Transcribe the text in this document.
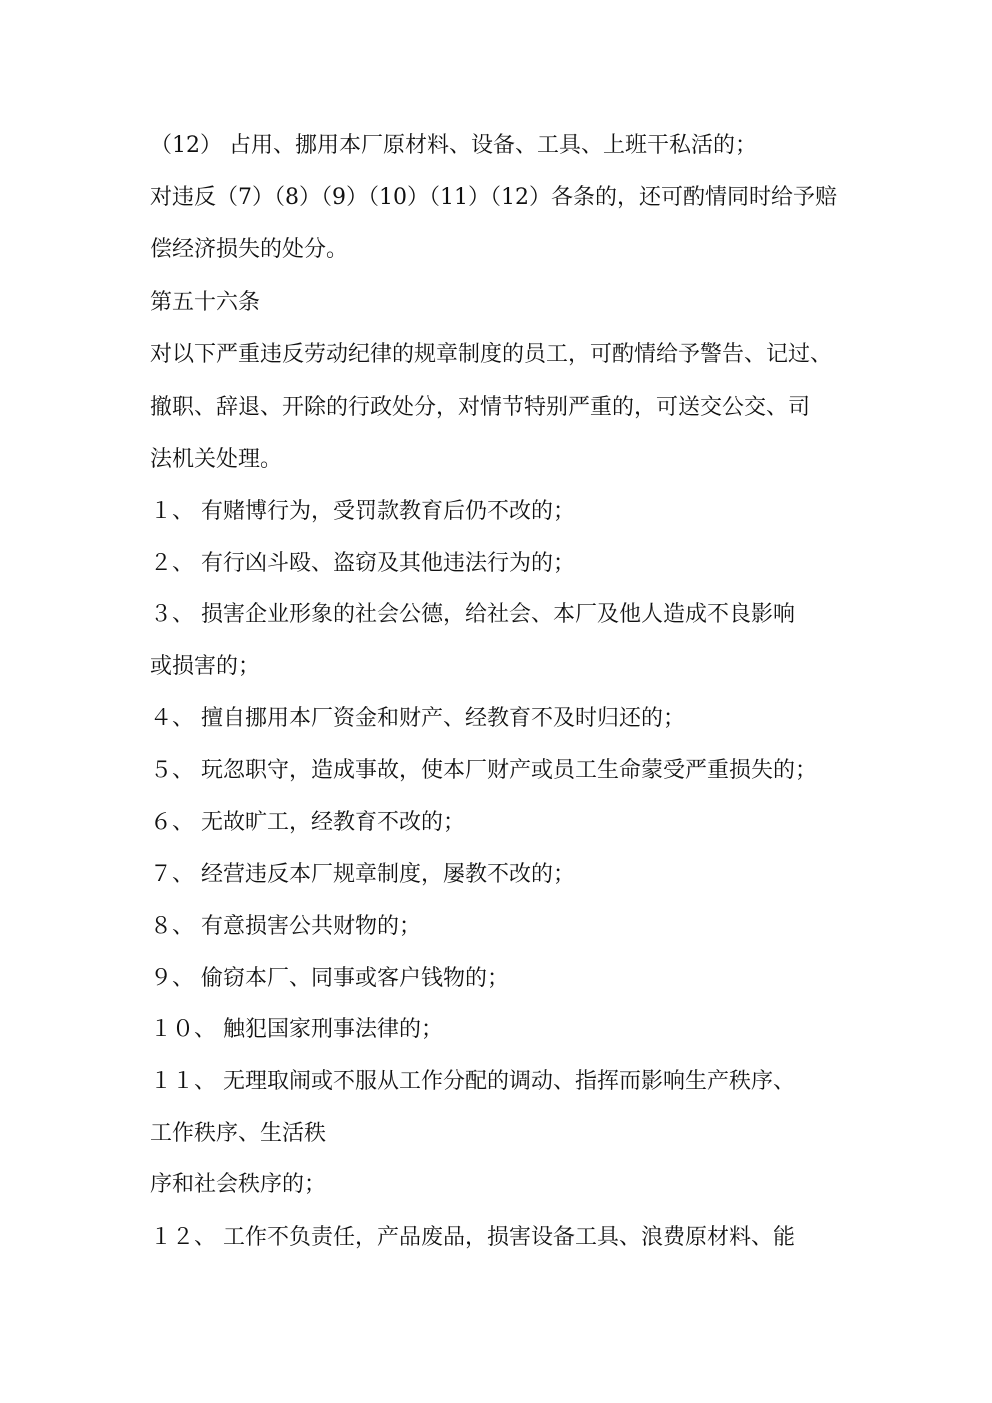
（12） 占用、挪用本厂原材料、设备、工具、上班干私活的；
对违反（7）（8）（9）（10）（11）（12）各条的，还可酌情同时给予赔
偿经济损失的处分。
第五十六条
对以下严重违反劳动纪律的规章制度的员工，可酌情给予警告、记过、
撤职、辞退、开除的行政处分，对情节特别严重的，可送交公交、司
法机关处理。
１、 有赌博行为，受罚款教育后仍不改的；
２、 有行凶斗殴、盗窃及其他违法行为的；
３、 损害企业形象的社会公德，给社会、本厂及他人造成不良影响
或损害的；
４、 擅自挪用本厂资金和财产、经教育不及时归还的；
５、 玩忽职守，造成事故，使本厂财产或员工生命蒙受严重损失的；
６、 无故旷工，经教育不改的；
７、 经营违反本厂规章制度，屡教不改的；
８、 有意损害公共财物的；
９、 偷窃本厂、同事或客户钱物的；
１０、 触犯国家刑事法律的；
１１、 无理取闹或不服从工作分配的调动、指挥而影响生产秩序、
工作秩序、生活秩
序和社会秩序的；
１２、 工作不负责任，产品废品，损害设备工具、浪费原材料、能
